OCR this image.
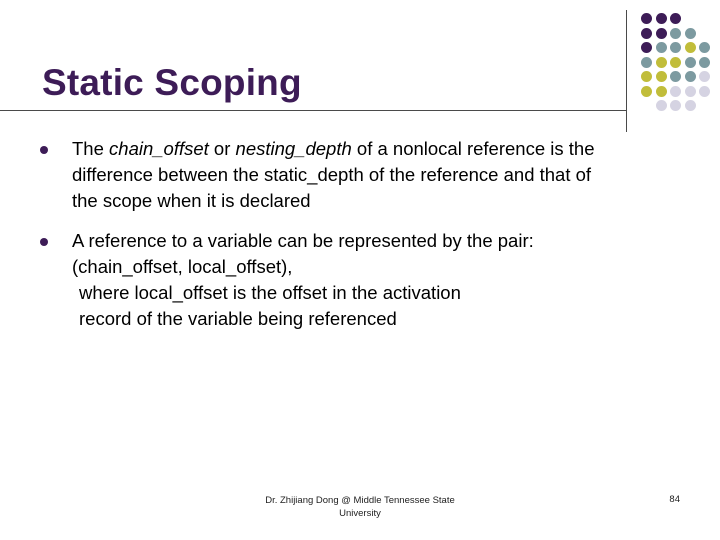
Static Scoping
The chain_offset or nesting_depth of a nonlocal reference is the
difference between the static_depth of the reference and that of
the scope when it is declared
A reference to a variable can be represented by the pair:
(chain_offset, local_offset),
where local_offset is the offset in the activation
record of the variable being referenced
Dr. Zhijiang Dong @ Middle Tennessee State
University
84
